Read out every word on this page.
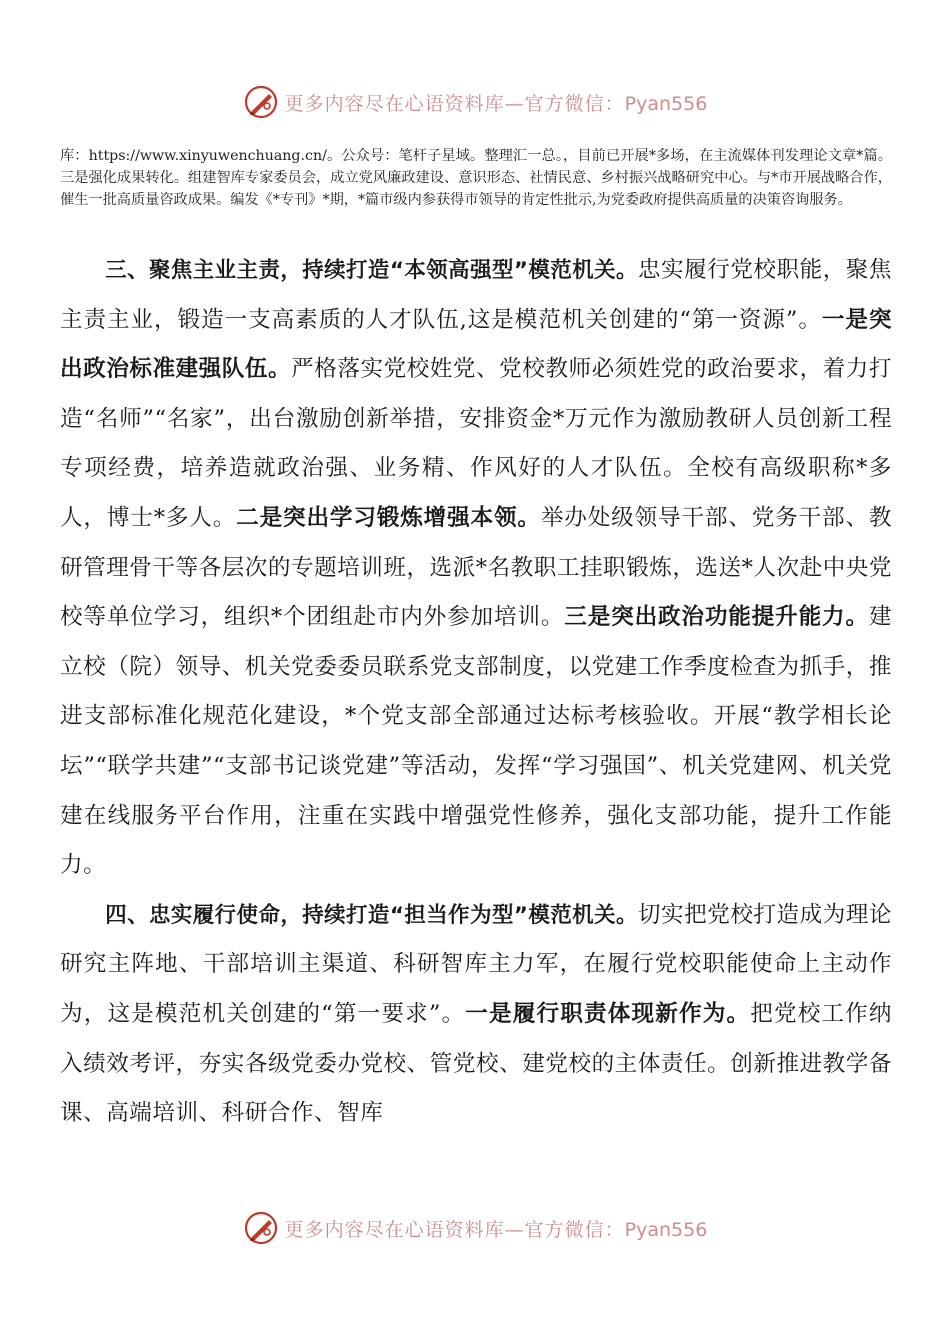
更多内容尽在心语资料库—官方微信：Pyan556
库：https://www.xinyuwenchuang.cn/。公众号：笔杆子星域。整理汇一总。，目前已开展*多场，在主流媒体刊发理论文章*篇。三是强化成果转化。组建智库专家委员会，成立党风廉政建设、意识形态、社情民意、乡村振兴战略研究中心。与*市开展战略合作，催生一批高质量咨政成果。编发《*专刊》*期，*篇市级内参获得市领导的肯定性批示,为党委政府提供高质量的决策咨询服务。

三、聚焦主业主责，持续打造“本领高强型”模范机关。忠实履行党校职能，聚焦主责主业，锻造一支高素质的人才队伍,这是模范机关创建的“第一资源”。一是突出政治标准建强队伍。严格落实党校姓党、党校教师必须姓党的政治要求，着力打造“名师”“名家”，出台激励创新举措，安排资金*万元作为激励教研人员创新工程专项经费，培养造就政治强、业务精、作风好的人才队伍。全校有高级职称*多人，博士*多人。二是突出学习锻炼增强本领。举办处级领导干部、党务干部、教研管理骨干等各层次的专题培训班，选派*名教职工挂职锻炼，选送*人次赴中央党校等单位学习，组织*个团组赴市内外参加培训。三是突出政治功能提升能力。建立校（院）领导、机关党委委员联系党支部制度，以党建工作季度检查为抓手，推进支部标准化规范化建设，*个党支部全部通过达标考核验收。开展“教学相长论坛”“联学共建”“支部书记谈党建”等活动，发挥“学习强国”、机关党建网、机关党建在线服务平台作用，注重在实践中增强党性修养，强化支部功能，提升工作能力。

四、忠实履行使命，持续打造“担当作为型”模范机关。切实把党校打造成为理论研究主阵地、干部培训主渠道、科研智库主力军，在履行党校职能使命上主动作为，这是模范机关创建的“第一要求”。一是履行职责体现新作为。把党校工作纳入绩效考评，夯实各级党委办党校、管党校、建党校的主体责任。创新推进教学备课、高端培训、科研合作、智库

更多内容尽在心语资料库—官方微信：Pyan556
